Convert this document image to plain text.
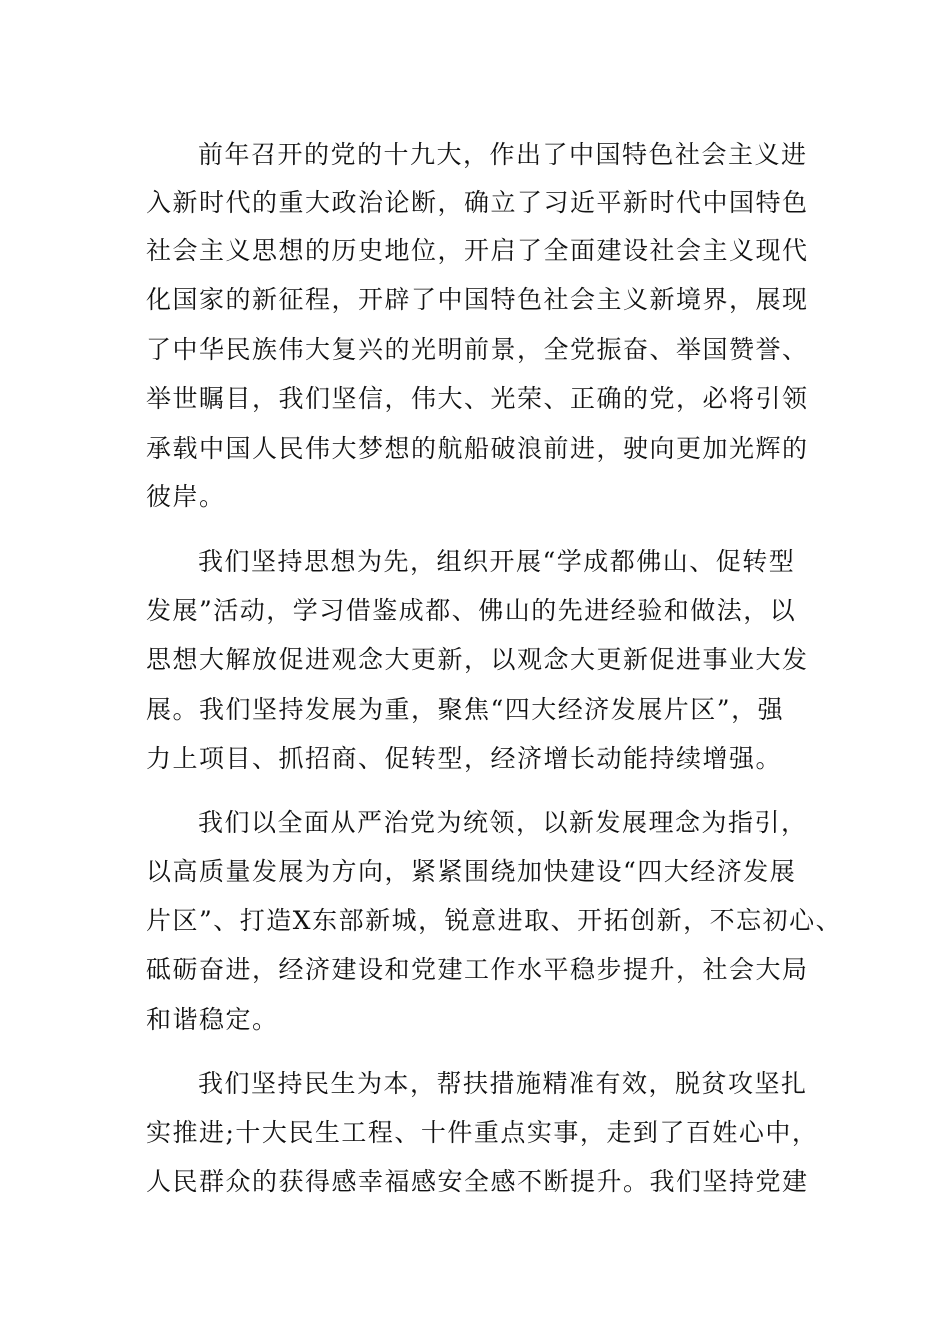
前年召开的党的十九大，作出了中国特色社会主义进
入新时代的重大政治论断，确立了习近平新时代中国特色
社会主义思想的历史地位，开启了全面建设社会主义现代
化国家的新征程，开辟了中国特色社会主义新境界，展现
了中华民族伟大复兴的光明前景，全党振奋、举国赞誉、
举世瞩目，我们坚信，伟大、光荣、正确的党，必将引领
承载中国人民伟大梦想的航船破浪前进，驶向更加光辉的
彼岸。
我们坚持思想为先，组织开展“学成都佛山、促转型
发展”活动，学习借鉴成都、佛山的先进经验和做法，以
思想大解放促进观念大更新，以观念大更新促进事业大发
展。我们坚持发展为重，聚焦“四大经济发展片区”，强
力上项目、抓招商、促转型，经济增长动能持续增强。
我们以全面从严治党为统领，以新发展理念为指引，
以高质量发展为方向，紧紧围绕加快建设“四大经济发展
片区”、打造X东部新城，锐意进取、开拓创新，不忘初心、
砥砺奋进，经济建设和党建工作水平稳步提升，社会大局
和谐稳定。
我们坚持民生为本，帮扶措施精准有效，脱贫攻坚扎
实推进;十大民生工程、十件重点实事，走到了百姓心中，
人民群众的获得感幸福感安全感不断提升。我们坚持党建
